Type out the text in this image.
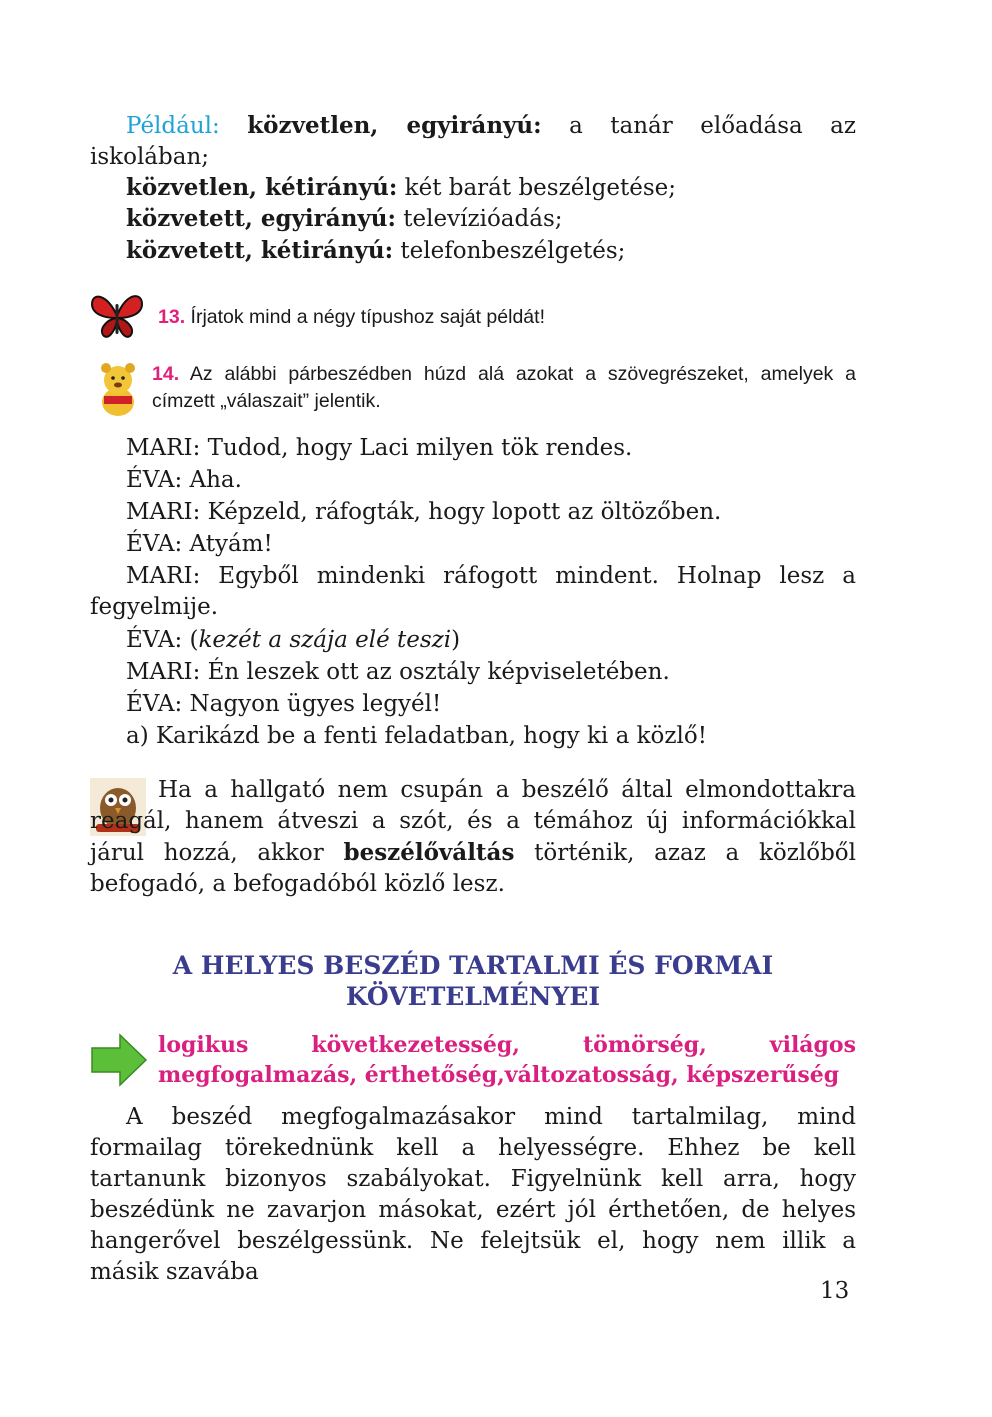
Például: közvetlen, egyirányú: a tanár előadása az iskolában;

közvetlen, kétirányú: két barát beszélgetése;
közvetett, egyirányú: televízióadás;
közvetett, kétirányú: telefonbeszélgetés;
13. Írjatok mind a négy típushoz saját példát!
14. Az alábbi párbeszédben húzd alá azokat a szövegrészeket, amelyek a címzett „válaszait” jelentik.
MARI: Tudod, hogy Laci milyen tök rendes.
ÉVA: Aha.
MARI: Képzeld, ráfogták, hogy lopott az öltözőben.
ÉVA: Atyám!

MARI: Egyből mindenki ráfogott mindent. Holnap lesz a fegyelmije.

ÉVA: (kezét a szája elé teszi)
MARI: Én leszek ott az osztály képviseletében.
ÉVA: Nagyon ügyes legyél!
a) Karikázd be a fenti feladatban, hogy ki a közlő!

Ha a hallgató nem csupán a beszélő által elmondottakra reagál, hanem átveszi a szót, és a témához új információkkal járul hozzá, akkor beszélőváltás történik, azaz a közlőből befogadó, a befogadóból közlő lesz.

A HELYES BESZÉD TARTALMI ÉS FORMAI
KÖVETELMÉNYEI
logikus következetesség, tömörség, világos megfogalmazás, érthetőség,változatosság, képszerűség

A beszéd megfogalmazásakor mind tartalmilag, mind formailag törekednünk kell a helyességre. Ehhez be kell tartanunk bizonyos szabályokat. Figyelnünk kell arra, hogy beszédünk ne zavarjon másokat, ezért jól érthetően, de helyes hangerővel beszélgessünk. Ne felejtsük el, hogy nem illik a másik szavába

13
